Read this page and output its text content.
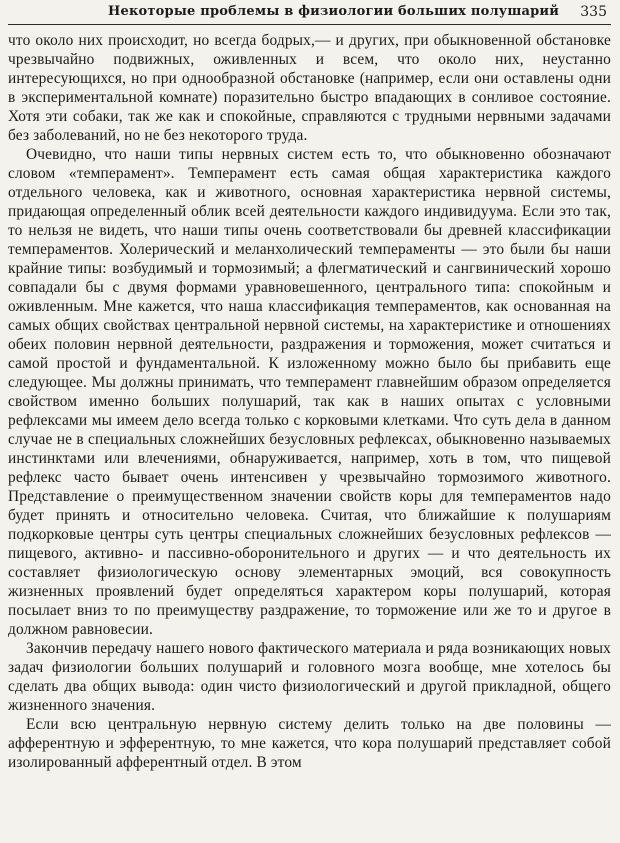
Некоторые проблемы в физиологии больших полушарий 335

что около них происходит, но всегда бодрых,— и других, при обыкновенной обстановке чрезвычайно подвижных, оживленных и всем, что около них, неустанно интересующихся, но при однообразной обстановке (например, если они оставлены одни в экспериментальной комнате) поразительно быстро впадающих в сонливое состояние. Хотя эти собаки, так же как и спокойные, справляются с трудными нервными задачами без заболеваний, но не без некоторого труда.

Очевидно, что наши типы нервных систем есть то, что обыкновенно обозначают словом «темперамент». Темперамент есть самая общая характеристика каждого отдельного человека, как и животного, основная характеристика нервной системы, придающая определенный облик всей деятельности каждого индивидуума. Если это так, то нельзя не видеть, что наши типы очень соответствовали бы древней классификации темпераментов. Холерический и меланхолический темпераменты — это были бы наши крайние типы: возбудимый и тормозимый; а флегматический и сангвинический хорошо совпадали бы с двумя формами уравновешенного, центрального типа: спокойным и оживленным. Мне кажется, что наша классификация темпераментов, как основанная на самых общих свойствах центральной нервной системы, на характеристике и отношениях обеих половин нервной деятельности, раздражения и торможения, может считаться и самой простой и фундаментальной. К изложенному можно было бы прибавить еще следующее. Мы должны принимать, что темперамент главнейшим образом определяется свойством именно больших полушарий, так как в наших опытах с условными рефлексами мы имеем дело всегда только с корковыми клетками. Что суть дела в данном случае не в специальных сложнейших безусловных рефлексах, обыкновенно называемых инстинктами или влечениями, обнаруживается, например, хоть в том, что пищевой рефлекс часто бывает очень интенсивен у чрезвычайно тормозимого животного. Представление о преимущественном значении свойств коры для темпераментов надо будет принять и относительно человека. Считая, что ближайшие к полушариям подкорковые центры суть центры специальных сложнейших безусловных рефлексов — пищевого, активно- и пассивно-оборонительного и других — и что деятельность их составляет физиологическую основу элементарных эмоций, вся совокупность жизненных проявлений будет определяться характером коры полушарий, которая посылает вниз то по преимуществу раздражение, то торможение или же то и другое в должном равновесии.

Закончив передачу нашего нового фактического материала и ряда возникающих новых задач физиологии больших полушарий и головного мозга вообще, мне хотелось бы сделать два общих вывода: один чисто физиологический и другой прикладной, общего жизненного значения.

Если всю центральную нервную систему делить только на две половины — афферентную и эфферентную, то мне кажется, что кора полушарий представляет собой изолированный афферентный отдел. В этом
